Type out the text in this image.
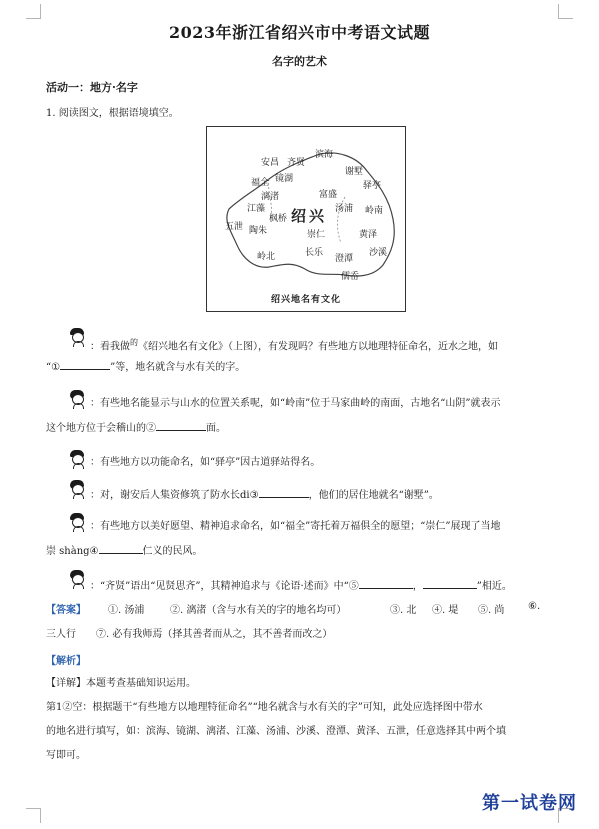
2023年浙江省绍兴市中考语文试题
名字的艺术
活动一：地方·名字
1. 阅读图文，根据语境填空。
安昌 齐贤
滨海
谢墅
驿亭
福全 镜湖
漓渚	富盛
汤浦 岭南
江藻
枫桥
五泄 陶朱	崇仁	黄泽
长乐
澄潭
沙溪
岭北
儒岙
绍兴
绍兴地名有文化
：看我做$^的$《绍兴地名有文化》（上图），有发现吗？有些地方以地理特征命名，近水之地，如
“①	”等，地名就含与水有关的字。
：有些地名能显示与山水的位置关系呢，如“岭南”位于马家曲岭的南面，古地名“山阴”就表示
这个地方位于会稽山的②	面。
：有些地方以功能命名，如“驿亭”因古道驿站得名。
：对，谢安后人集资修筑了防水长di③	，他们的居住地就名“谢墅”。
：有些地方以美好愿望、精神追求命名，如“福全”寄托着万福俱全的愿望；“崇仁”展现了当地
崇 shàng④	仁义的民风。
：“齐贤”语出“见贤思齐”，其精神追求与《论语·述而》中“⑤	，	”相近。
【答案】 ①. 汤浦	②. 漓渚（含与水有关的字的地名均可）	③. 北 ④. 堤 ⑤. 尚 ⑥.
三人行　　⑦. 必有我师焉（择其善者而从之，其不善者而改之）
【解析】
【详解】本题考查基础知识运用。
第1②空：根据题干“有些地方以地理特征命名”“地名就含与水有关的字”可知，此处应选择图中带水
的地名进行填写，如：滨海、镜湖、漓渚、江藻、汤浦、沙溪、澄潭、黄泽、五泄，任意选择其中两个填
写即可。
第一试卷网
